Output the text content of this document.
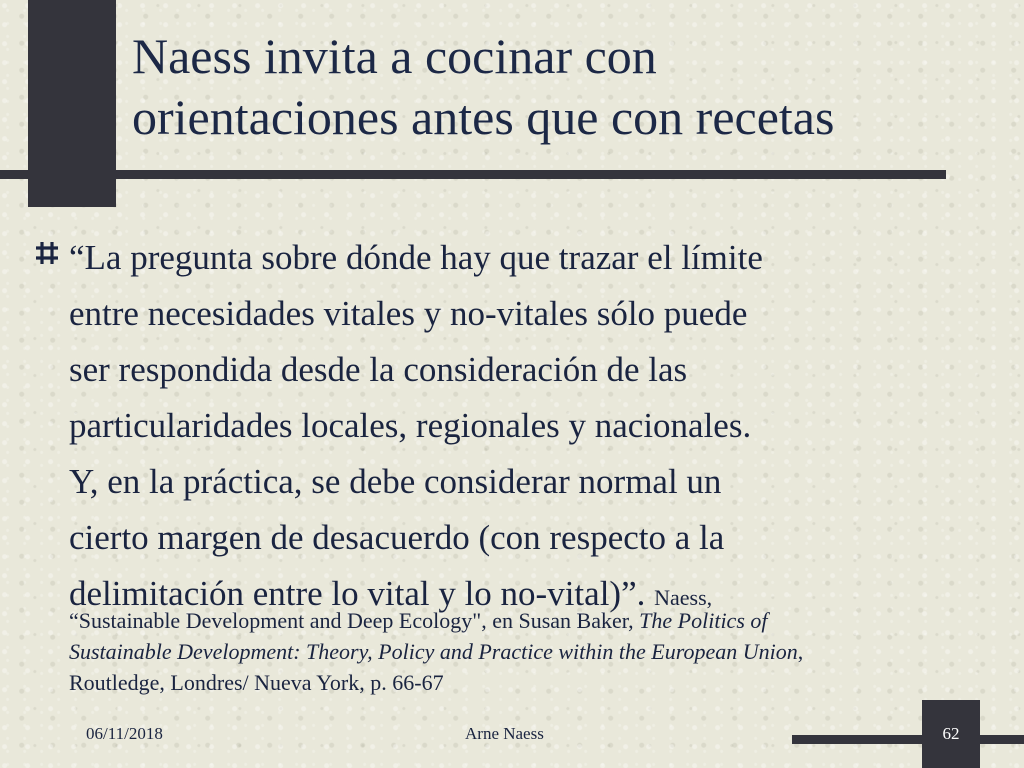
Naess invita a cocinar con
orientaciones antes que con recetas
“La pregunta sobre dónde hay que trazar el límite
entre necesidades vitales y no-vitales sólo puede
ser respondida desde la consideración de las
particularidades locales, regionales y nacionales.
Y, en la práctica, se debe considerar normal un
cierto margen de desacuerdo (con respecto a la
delimitación entre lo vital y lo no-vital)”. Naess,
“Sustainable Development and Deep Ecology", en Susan Baker, The Politics of
Sustainable Development: Theory, Policy and Practice within the European Union,
Routledge, Londres/ Nueva York, p. 66-67
06/11/2018	Arne Naess	62
